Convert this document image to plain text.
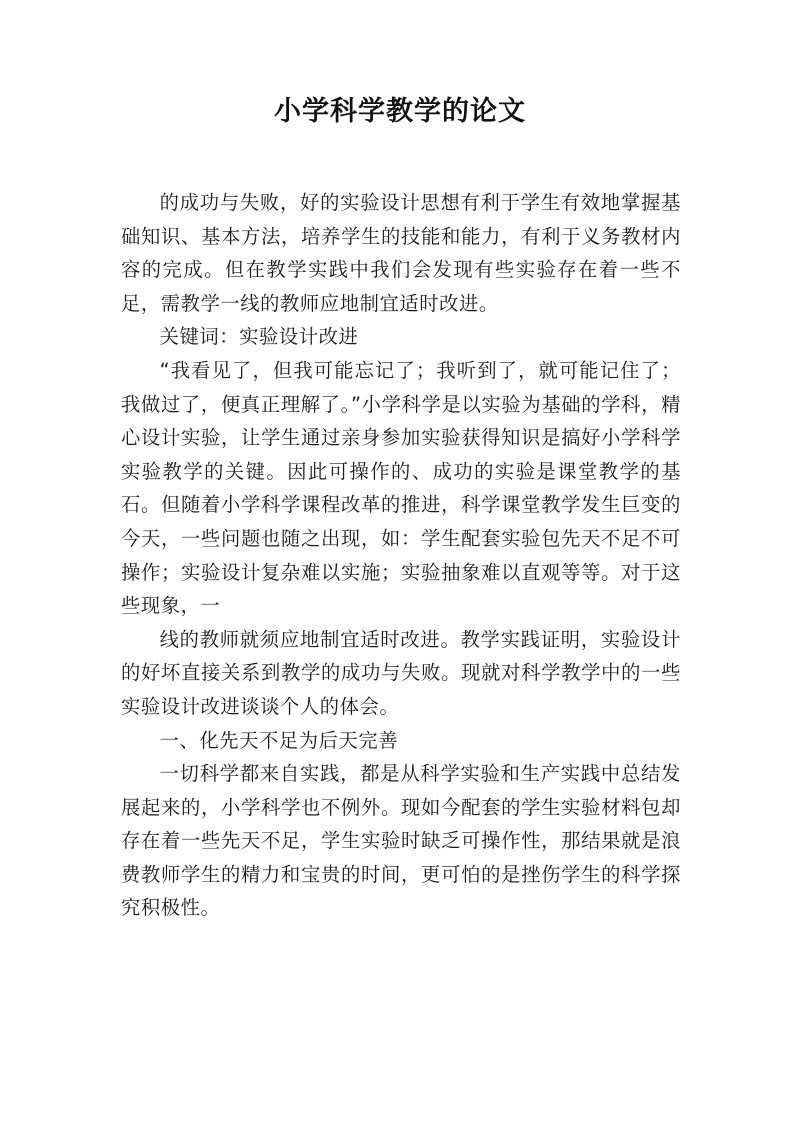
小学科学教学的论文

的成功与失败，好的实验设计思想有利于学生有效地掌握基础知识、基本方法，培养学生的技能和能力，有利于义务教材内容的完成。但在教学实践中我们会发现有些实验存在着一些不足，需教学一线的教师应地制宜适时改进。

关键词：实验设计改进

“我看见了，但我可能忘记了；我听到了，就可能记住了；我做过了，便真正理解了。”小学科学是以实验为基础的学科，精心设计实验，让学生通过亲身参加实验获得知识是搞好小学科学实验教学的关键。因此可操作的、成功的实验是课堂教学的基石。但随着小学科学课程改革的推进，科学课堂教学发生巨变的今天，一些问题也随之出现，如：学生配套实验包先天不足不可操作；实验设计复杂难以实施；实验抽象难以直观等等。对于这些现象，一

线的教师就须应地制宜适时改进。教学实践证明，实验设计的好坏直接关系到教学的成功与失败。现就对科学教学中的一些实验设计改进谈谈个人的体会。

一、化先天不足为后天完善

一切科学都来自实践，都是从科学实验和生产实践中总结发展起来的，小学科学也不例外。现如今配套的学生实验材料包却存在着一些先天不足，学生实验时缺乏可操作性，那结果就是浪费教师学生的精力和宝贵的时间，更可怕的是挫伤学生的科学探究积极性。
